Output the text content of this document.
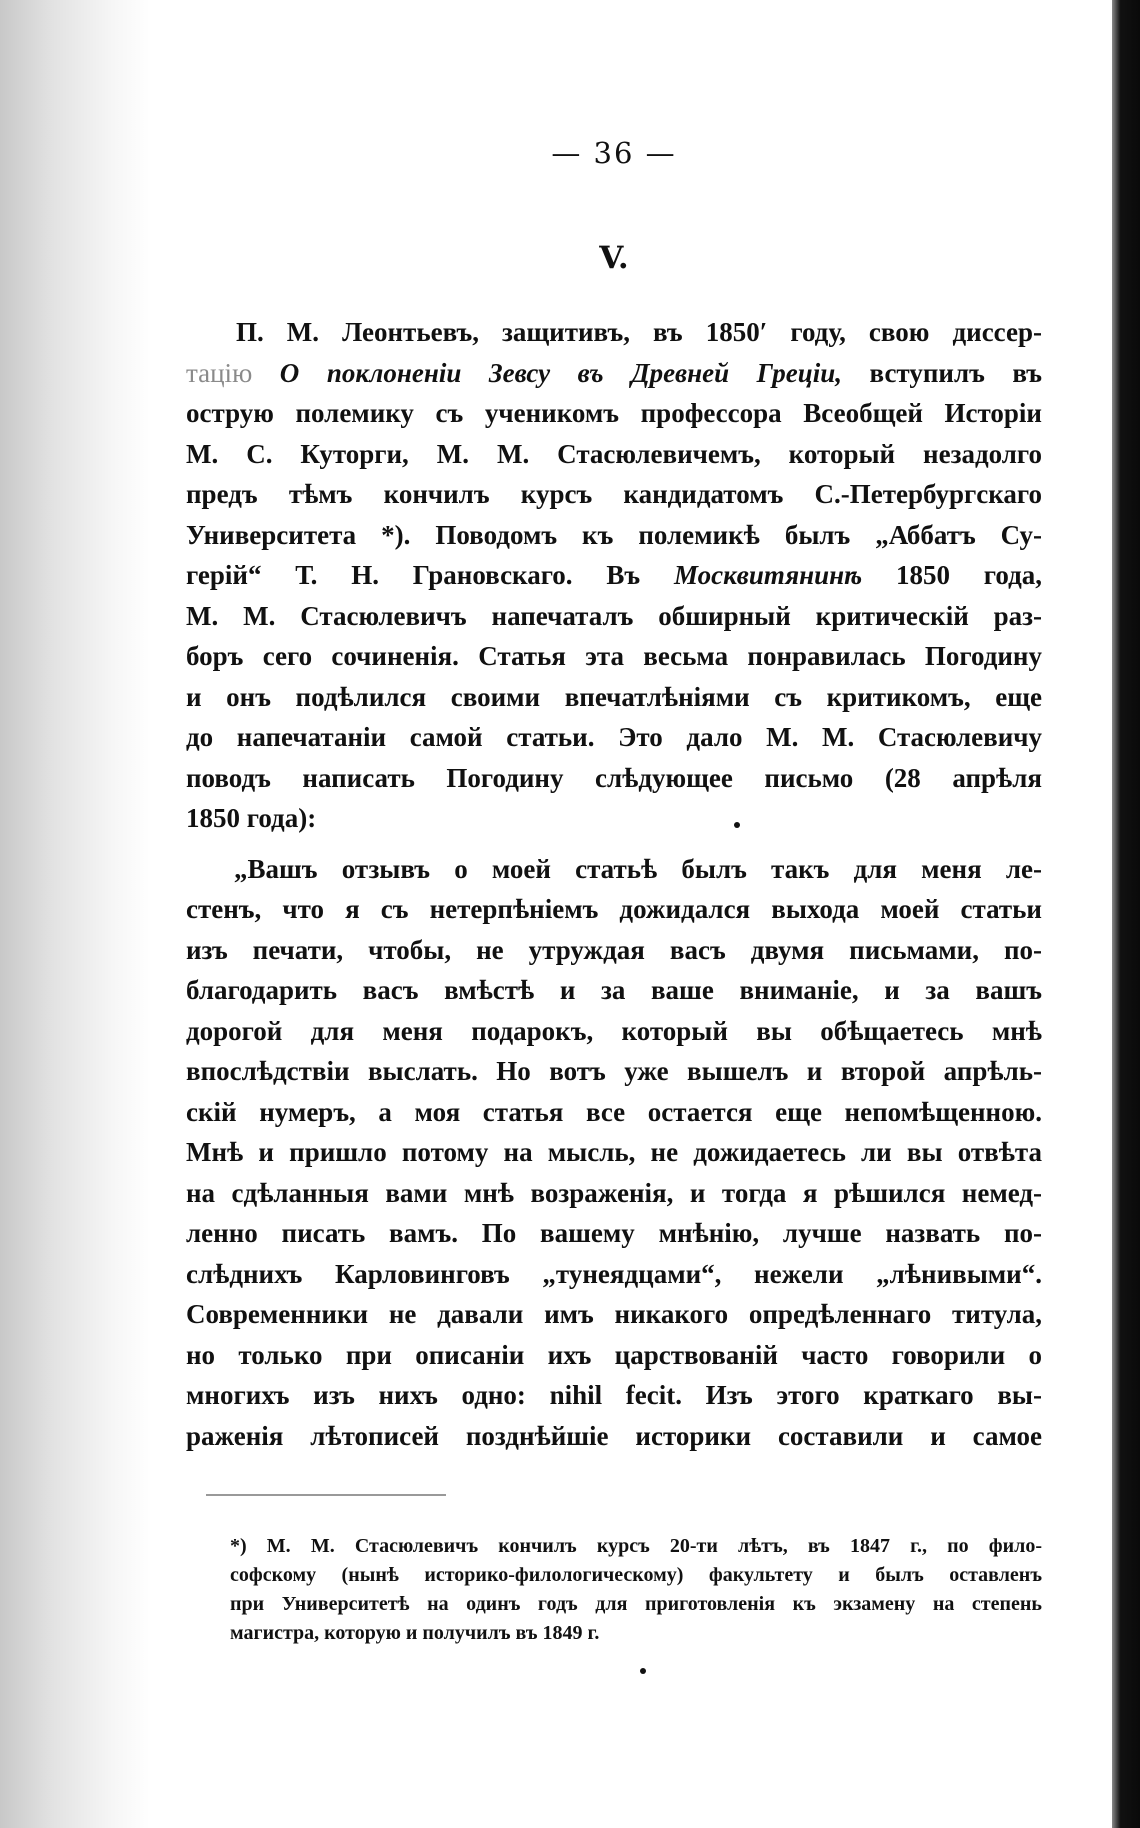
— 36 —
V.
П. М. Леонтьевъ, защитивъ, въ 1850′ году, свою диссер-
тацію О поклоненіи Зевсу въ Древней Греціи, вступилъ въ
острую полемику съ ученикомъ профессора Всеобщей Исторіи
М. С. Куторги, М. М. Стасюлевичемъ, который незадолго
предъ тѣмъ кончилъ курсъ кандидатомъ С.-Петербургскаго
Университета *). Поводомъ къ полемикѣ былъ „Аббатъ Су-
герій“ Т. Н. Грановскаго. Въ Москвитянинѣ 1850 года,
М. М. Стасюлевичъ напечаталъ обширный критическій раз-
боръ сего сочиненія. Статья эта весьма понравилась Погодину
и онъ подѣлился своими впечатлѣніями съ критикомъ, еще
до напечатаніи самой статьи. Это дало М. М. Стасюлевичу
поводъ написать Погодину слѣдующее письмо (28 апрѣля
1850 года):
„Вашъ отзывъ о моей статьѣ былъ такъ для меня ле-
стенъ, что я съ нетерпѣніемъ дожидался выхода моей статьи
изъ печати, чтобы, не утруждая васъ двумя письмами, по-
благодарить васъ вмѣстѣ и за ваше вниманіе, и за вашъ
дорогой для меня подарокъ, который вы обѣщаетесь мнѣ
впослѣдствіи выслать. Но вотъ уже вышелъ и второй апрѣль-
скій нумеръ, а моя статья все остается еще непомѣщенною.
Мнѣ и пришло потому на мысль, не дожидаетесь ли вы отвѣта
на сдѣланныя вами мнѣ возраженія, и тогда я рѣшился немед-
ленно писать вамъ. По вашему мнѣнію, лучше назвать по-
слѣднихъ Карловинговъ „тунеядцами“, нежели „лѣнивыми“.
Современники не давали имъ никакого опредѣленнаго титула,
но только при описаніи ихъ царствованій часто говорили о
многихъ изъ нихъ одно: nihil fecit. Изъ этого краткаго вы-
раженія лѣтописей позднѣйшіе историки составили и самое
*) М. М. Стасюлевичъ кончилъ курсъ 20-ти лѣтъ, въ 1847 г., по фило-
софскому (нынѣ историко-филологическому) факультету и былъ оставленъ
при Университетѣ на одинъ годъ для приготовленія къ экзамену на степень
магистра, которую и получилъ въ 1849 г.
